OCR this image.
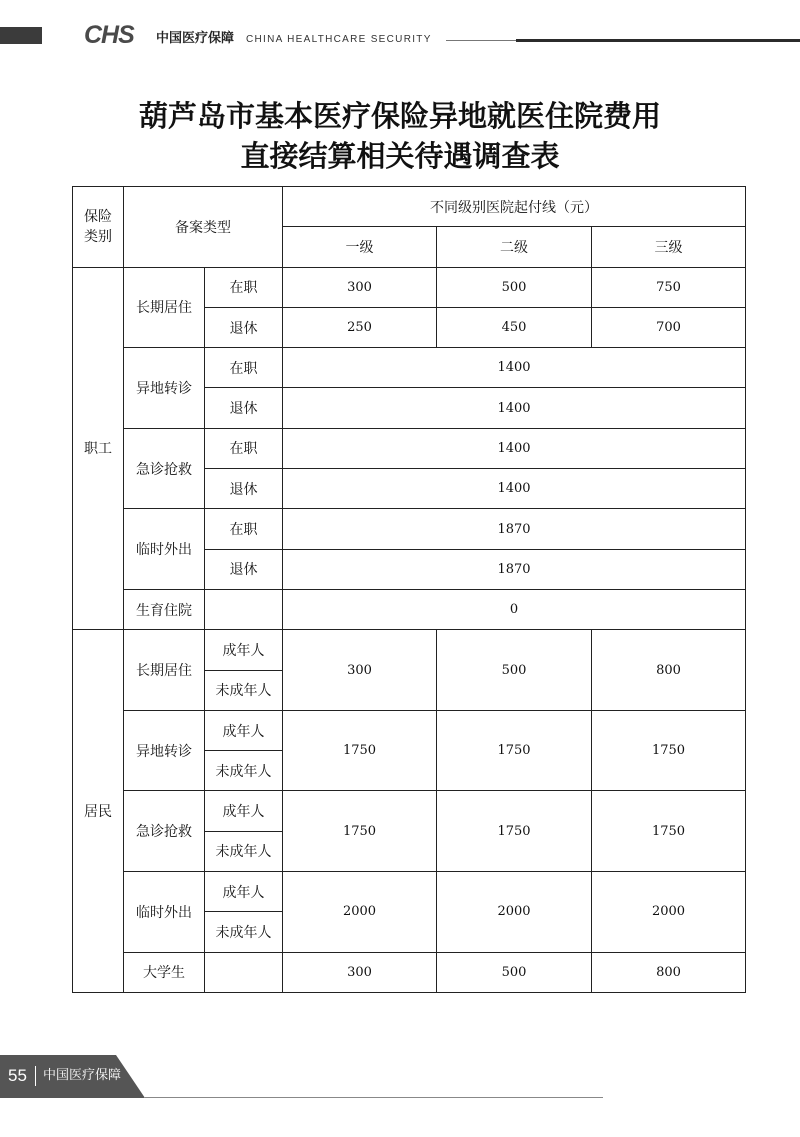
CHS 中国医疗保障 CHINA HEALTHCARE SECURITY
葫芦岛市基本医疗保险异地就医住院费用
直接结算相关待遇调查表
保险
类别	备案类型		不同级别医院起付线（元）		
			一级	二级	三级
职工	长期居住	在职	300	500	750
		退休	250	450	700
	异地转诊	在职	1400		
		退休	1400		
	急诊抢救	在职	1400		
		退休	1400		
	临时外出	在职	1870		
		退休	1870		
	生育住院		0		
居民	长期居住	成年人	300	500	800
		未成年人			
	异地转诊	成年人	1750	1750	1750
		未成年人			
	急诊抢救	成年人	1750	1750	1750
		未成年人			
	临时外出	成年人	2000	2000	2000
		未成年人			
	大学生		300	500	800
55 中国医疗保障
